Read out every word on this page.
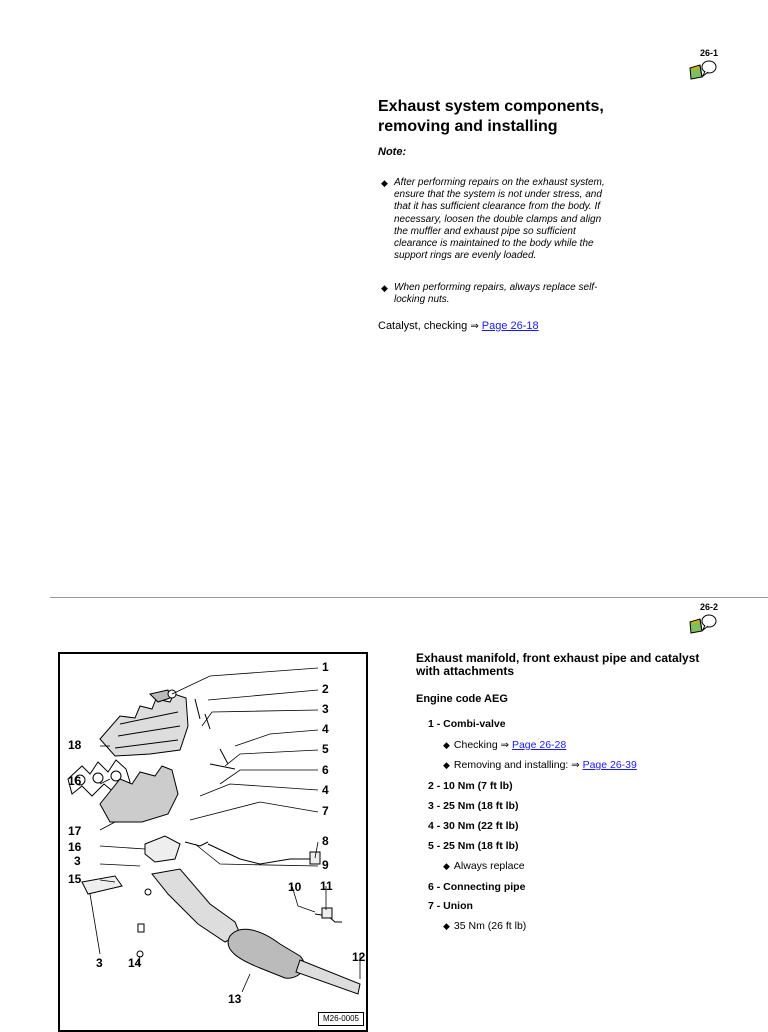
26-1
Exhaust system components,
removing and installing
Note:
◆ After performing repairs on the exhaust system,
ensure that the system is not under stress, and
that it has sufficient clearance from the body. If
necessary, loosen the double clamps and align
the muffler and exhaust pipe so sufficient
clearance is maintained to the body while the
support rings are evenly loaded.
◆ When performing repairs, always replace self-
locking nuts.
Catalyst, checking ⇒ Page 26-18
26-2
Exhaust manifold, front exhaust pipe and catalyst
with attachments
Engine code AEG
1 - Combi-valve
◆ Checking ⇒ Page 26-28
◆ Removing and installing: ⇒ Page 26-39
2 - 10 Nm (7 ft lb)
3 - 25 Nm (18 ft lb)
4 - 30 Nm (22 ft lb)
5 - 25 Nm (18 ft lb)
◆ Always replace
6 - Connecting pipe
7 - Union
◆ 35 Nm (26 ft lb)
1
2
3
4
5
6
4
7
8
9
10 11
12
13
14
3
15
3
16
17
16
18
M26-0005
